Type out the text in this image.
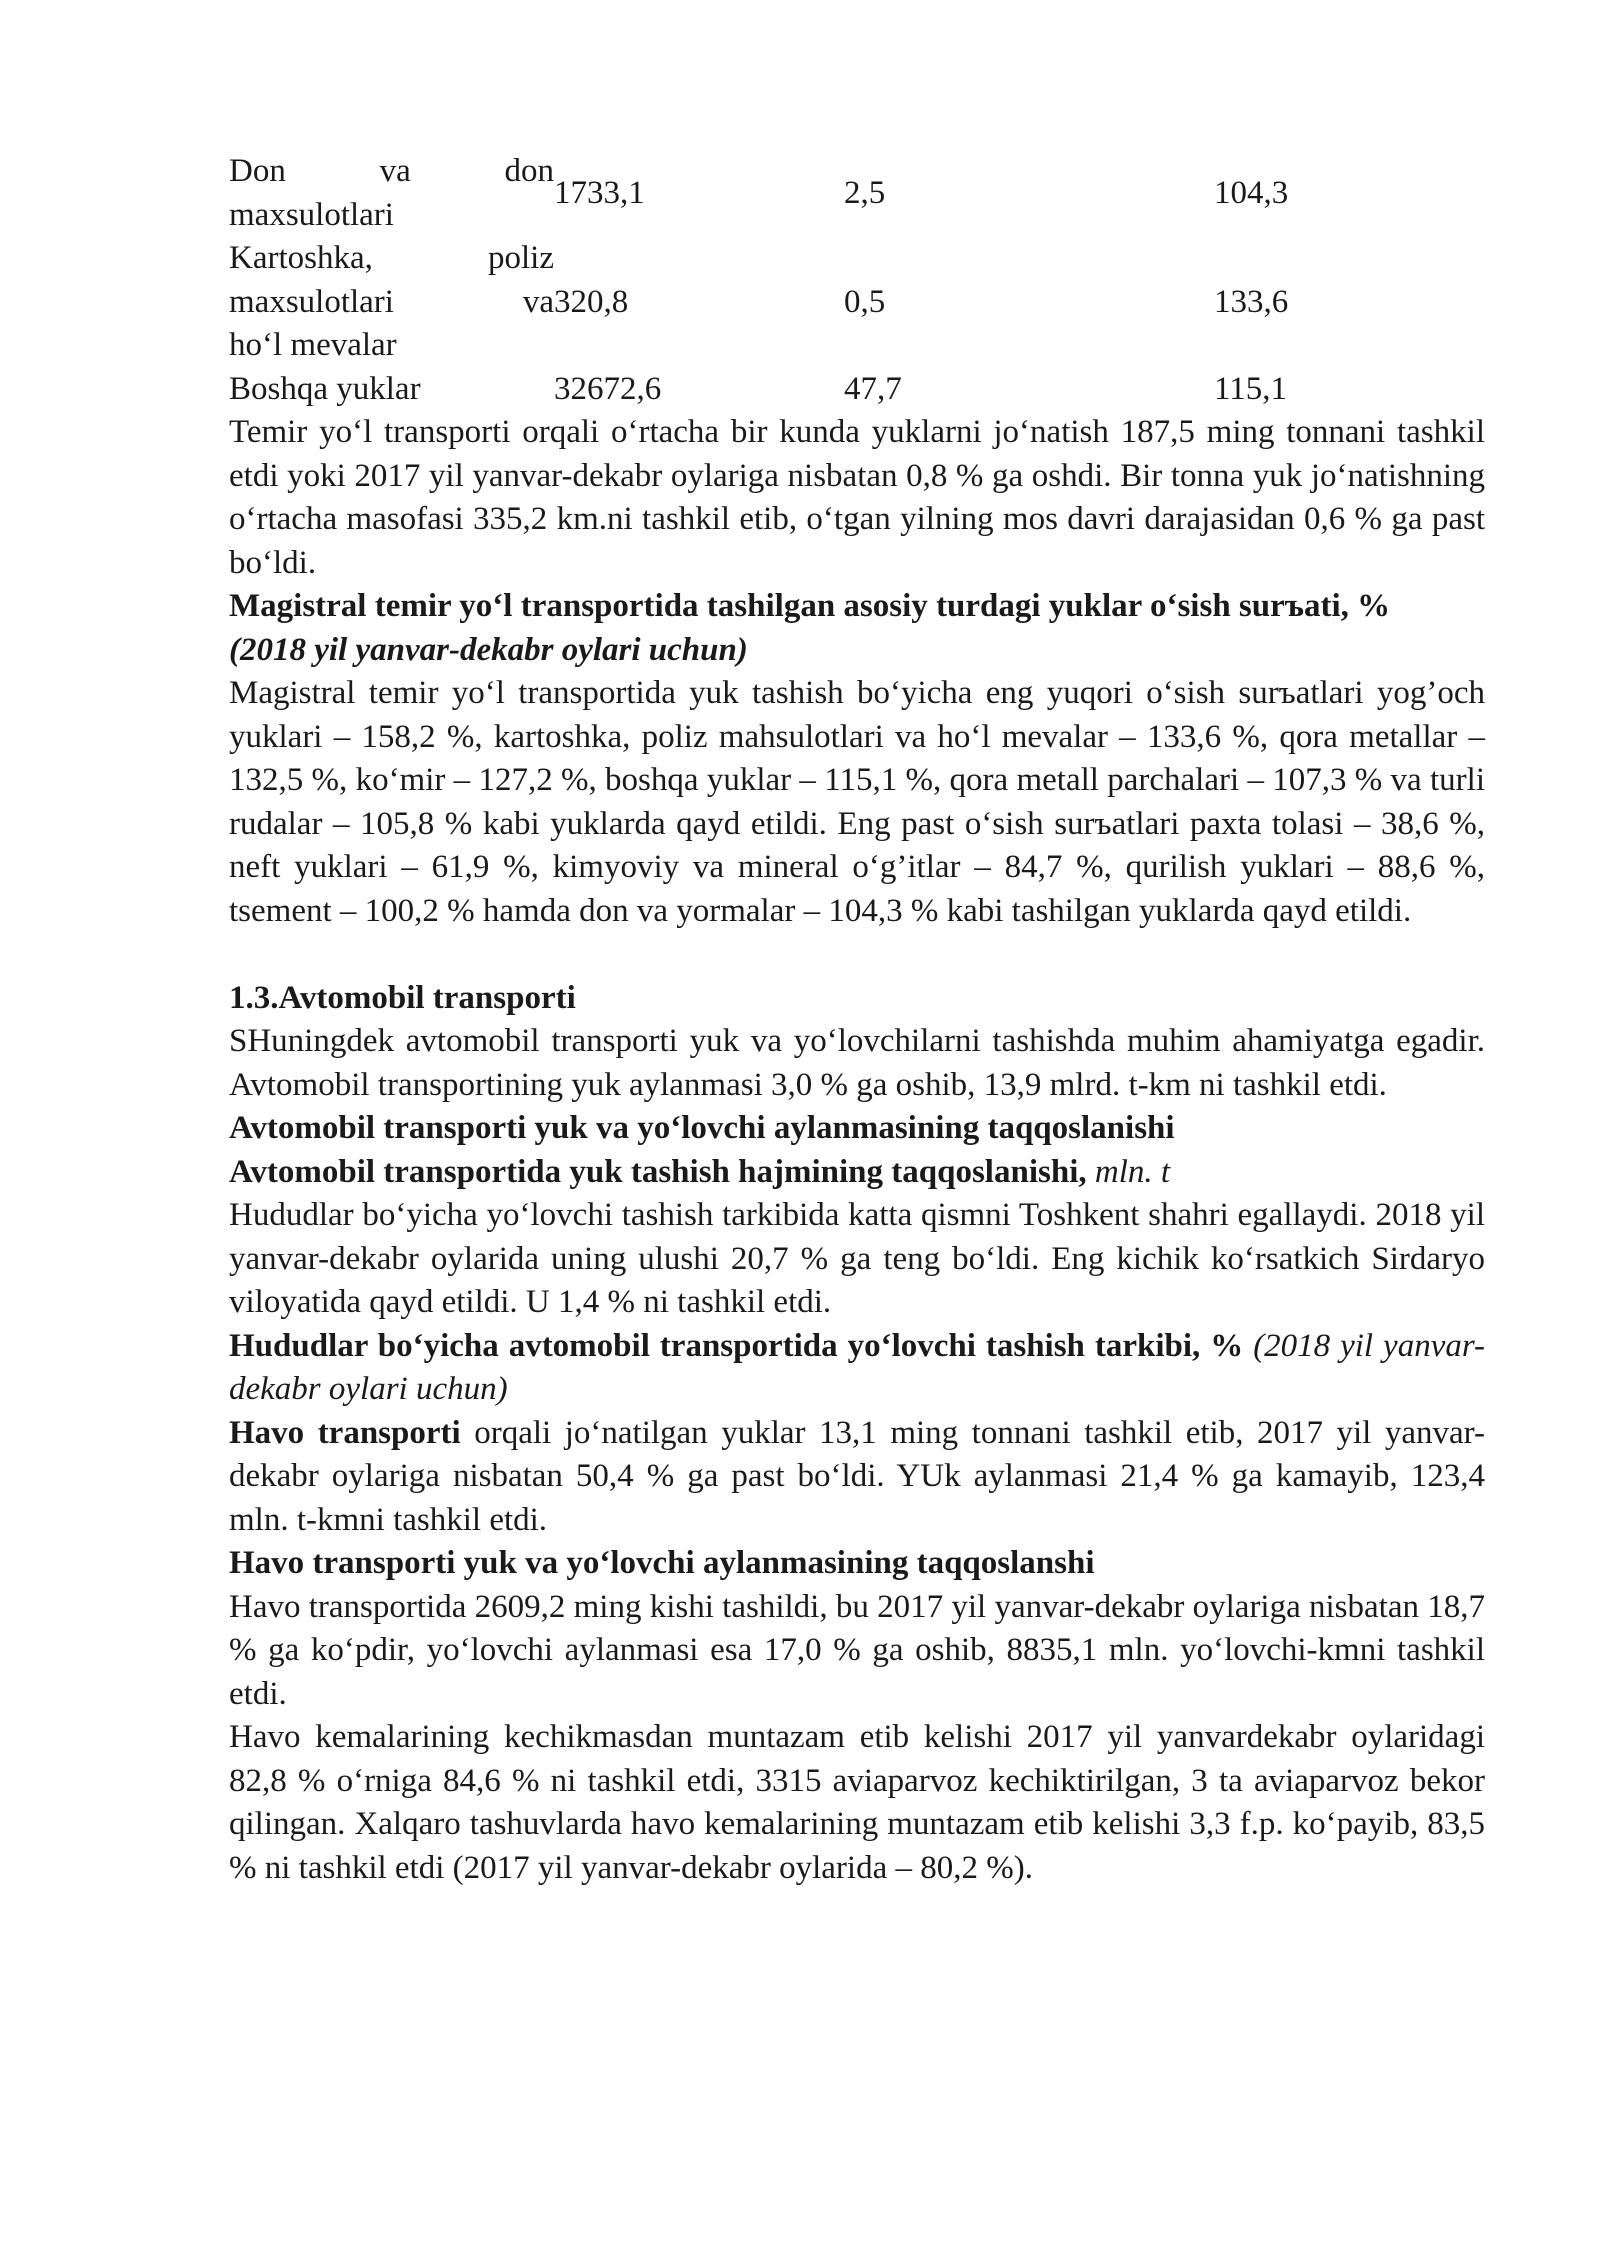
Don va don
maxsulotlari	1733,1	2,5	104,3

Kartoshka, poliz
maxsulotlari va
ho‘l mevalar	320,8	0,5	133,6

Boshqa yuklar	32672,6	47,7	115,1

Temir yo‘l transporti orqali o‘rtacha bir kunda yuklarni jo‘natish 187,5 ming tonnani tashkil etdi yoki 2017 yil yanvar-dekabr oylariga nisbatan 0,8 % ga oshdi. Bir tonna yuk jo‘natishning o‘rtacha masofasi 335,2 km.ni tashkil etib, o‘tgan yilning mos davri darajasidan 0,6 % ga past bo‘ldi.

Magistral temir yo‘l transportida tashilgan asosiy turdagi yuklar o‘sish surъati, %

(2018 yil yanvar-dekabr oylari uchun)

Magistral temir yo‘l transportida yuk tashish bo‘yicha eng yuqori o‘sish surъatlari yog’och yuklari – 158,2 %, kartoshka, poliz mahsulotlari va ho‘l mevalar – 133,6 %, qora metallar – 132,5 %, ko‘mir – 127,2 %, boshqa yuklar – 115,1 %, qora metall parchalari – 107,3 % va turli rudalar – 105,8 % kabi yuklarda qayd etildi. Eng past o‘sish surъatlari paxta tolasi – 38,6 %, neft yuklari – 61,9 %, kimyoviy va mineral o‘g’itlar – 84,7 %, qurilish yuklari – 88,6 %, tsement – 100,2 % hamda don va yormalar – 104,3 % kabi tashilgan yuklarda qayd etildi.

1.3.Avtomobil transporti

SHuningdek avtomobil transporti yuk va yo‘lovchilarni tashishda muhim ahamiyatga egadir. Avtomobil transportining yuk aylanmasi 3,0 % ga oshib, 13,9 mlrd. t-km ni tashkil etdi.

Avtomobil transporti yuk va yo‘lovchi aylanmasining taqqoslanishi

Avtomobil transportida yuk tashish hajmining taqqoslanishi, mln. t

Hududlar bo‘yicha yo‘lovchi tashish tarkibida katta qismni Toshkent shahri egallaydi. 2018 yil yanvar-dekabr oylarida uning ulushi 20,7 % ga teng bo‘ldi. Eng kichik ko‘rsatkich Sirdaryo viloyatida qayd etildi. U 1,4 % ni tashkil etdi.

Hududlar bo‘yicha avtomobil transportida yo‘lovchi tashish tarkibi, % (2018 yil yanvar-dekabr oylari uchun)

Havo transporti orqali jo‘natilgan yuklar 13,1 ming tonnani tashkil etib, 2017 yil yanvar-dekabr oylariga nisbatan 50,4 % ga past bo‘ldi. YUk aylanmasi 21,4 % ga kamayib, 123,4 mln. t-kmni tashkil etdi.

Havo transporti yuk va yo‘lovchi aylanmasining taqqoslanshi

Havo transportida 2609,2 ming kishi tashildi, bu 2017 yil yanvar-dekabr oylariga nisbatan 18,7 % ga ko‘pdir, yo‘lovchi aylanmasi esa 17,0 % ga oshib, 8835,1 mln. yo‘lovchi-kmni tashkil etdi.

Havo kemalarining kechikmasdan muntazam etib kelishi 2017 yil yanvardekabr oylaridagi 82,8 % o‘rniga 84,6 % ni tashkil etdi, 3315 aviaparvoz kechiktirilgan, 3 ta aviaparvoz bekor qilingan. Xalqaro tashuvlarda havo kemalarining muntazam etib kelishi 3,3 f.p. ko‘payib, 83,5 % ni tashkil etdi (2017 yil yanvar-dekabr oylarida – 80,2 %).
